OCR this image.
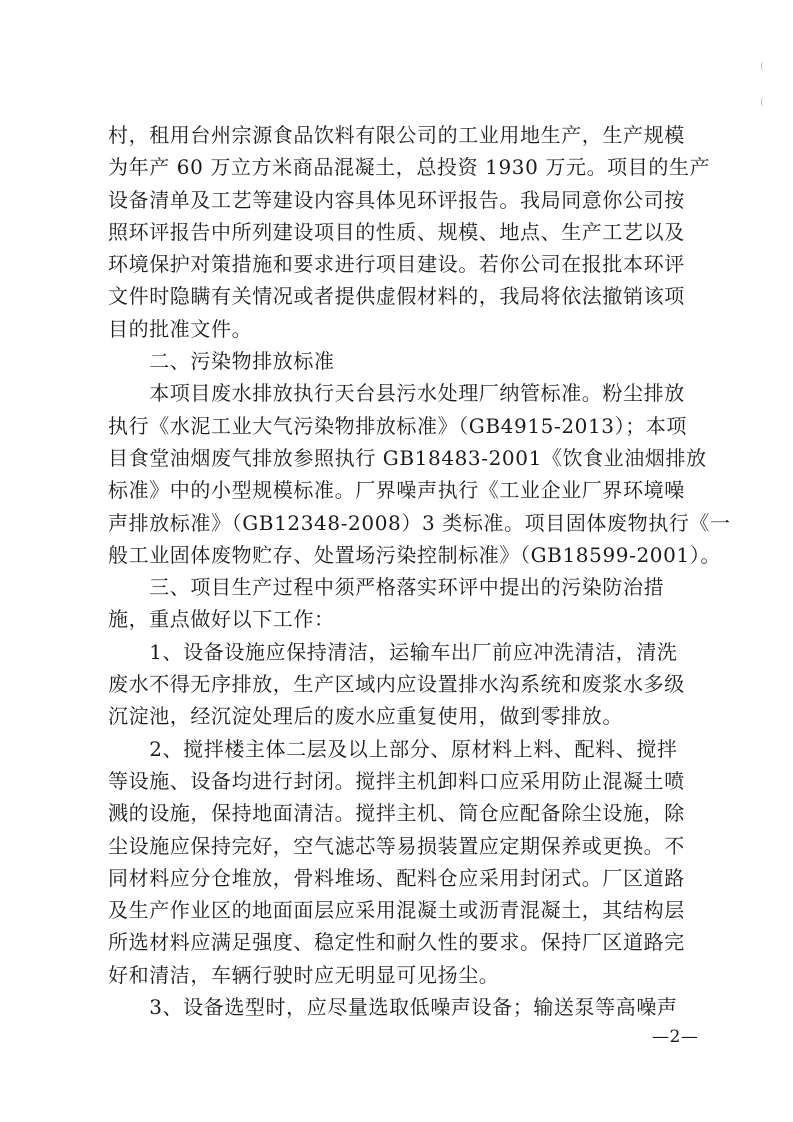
村，租用台州宗源食品饮料有限公司的工业用地生产，生产规模
为年产 60 万立方米商品混凝土，总投资 1930 万元。项目的生产
设备清单及工艺等建设内容具体见环评报告。我局同意你公司按
照环评报告中所列建设项目的性质、规模、地点、生产工艺以及
环境保护对策措施和要求进行项目建设。若你公司在报批本环评
文件时隐瞒有关情况或者提供虚假材料的，我局将依法撤销该项
目的批准文件。
　　二、污染物排放标准
　　本项目废水排放执行天台县污水处理厂纳管标准。粉尘排放
执行《水泥工业大气污染物排放标准》（GB4915-2013）；本项
目食堂油烟废气排放参照执行 GB18483-2001《饮食业油烟排放
标准》中的小型规模标准。厂界噪声执行《工业企业厂界环境噪
声排放标准》（GB12348-2008）3 类标准。项目固体废物执行《一
般工业固体废物贮存、处置场污染控制标准》（GB18599-2001）。
　　三、项目生产过程中须严格落实环评中提出的污染防治措
施，重点做好以下工作：
　　1、设备设施应保持清洁，运输车出厂前应冲洗清洁，清洗
废水不得无序排放，生产区域内应设置排水沟系统和废浆水多级
沉淀池，经沉淀处理后的废水应重复使用，做到零排放。
　　2、搅拌楼主体二层及以上部分、原材料上料、配料、搅拌
等设施、设备均进行封闭。搅拌主机卸料口应采用防止混凝土喷
溅的设施，保持地面清洁。搅拌主机、筒仓应配备除尘设施，除
尘设施应保持完好，空气滤芯等易损装置应定期保养或更换。不
同材料应分仓堆放，骨料堆场、配料仓应采用封闭式。厂区道路
及生产作业区的地面面层应采用混凝土或沥青混凝土，其结构层
所选材料应满足强度、稳定性和耐久性的要求。保持厂区道路完
好和清洁，车辆行驶时应无明显可见扬尘。
　　3、设备选型时，应尽量选取低噪声设备；输送泵等高噪声
—2—
